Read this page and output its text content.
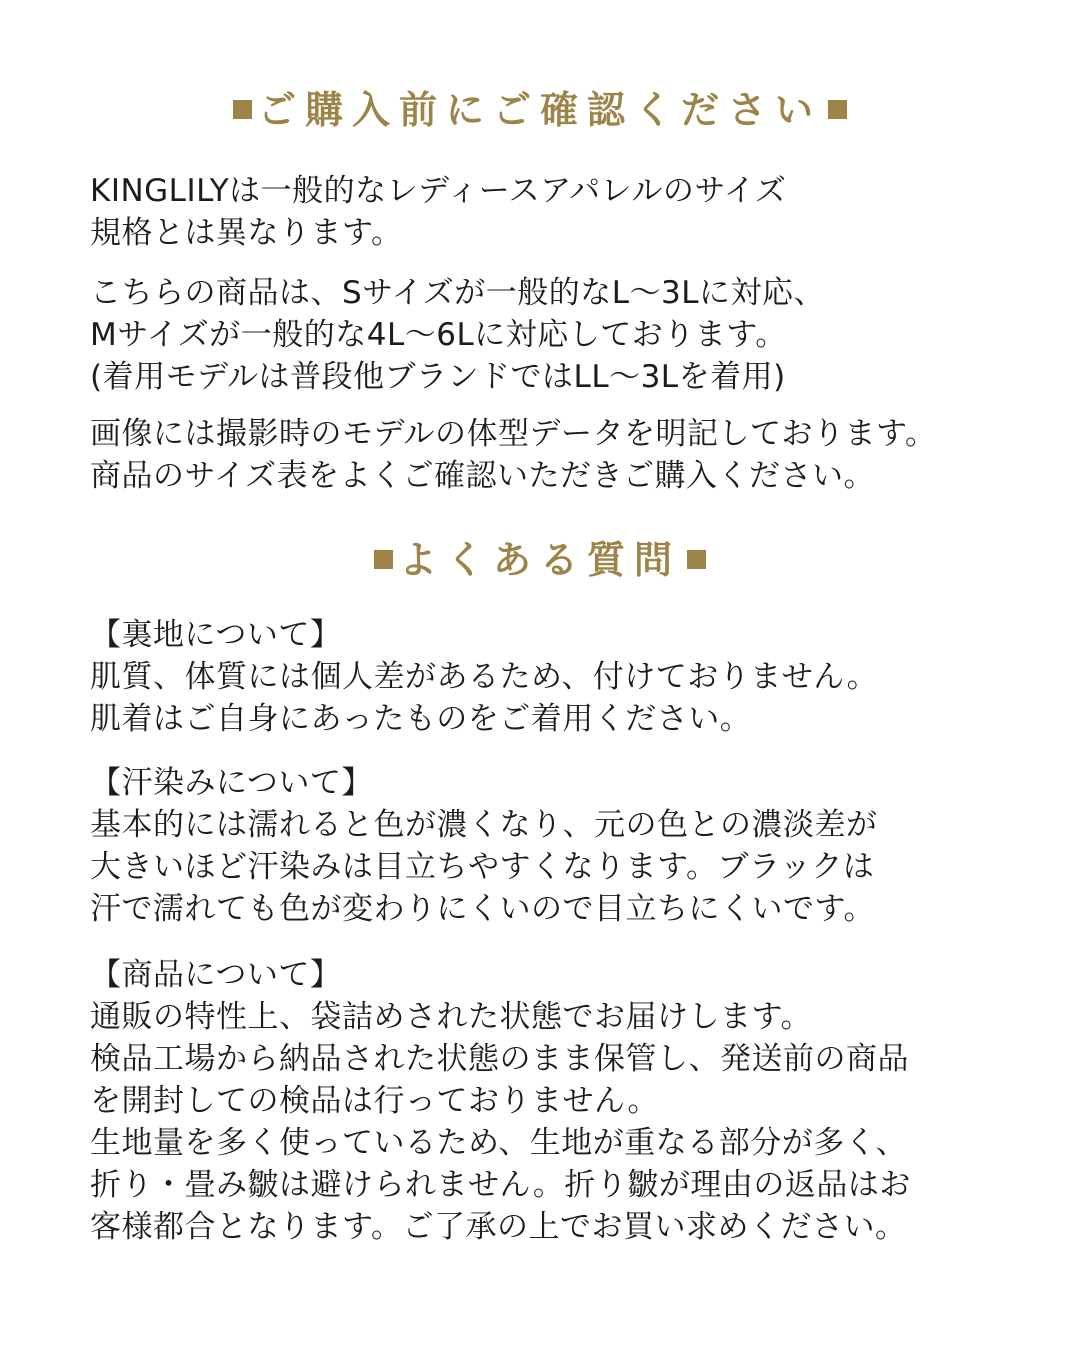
ご購入前にご確認ください
KINGLILYは一般的なレディースアパレルのサイズ
規格とは異なります。
こちらの商品は、Sサイズが一般的なL〜3Lに対応、
Mサイズが一般的な4L〜6Lに対応しております。
(着用モデルは普段他ブランドではLL〜3Lを着用)
画像には撮影時のモデルの体型データを明記しております。
商品のサイズ表をよくご確認いただきご購入ください。
よくある質問
【裏地について】
肌質、体質には個人差があるため、付けておりません。
肌着はご自身にあったものをご着用ください。
【汗染みについて】
基本的には濡れると色が濃くなり、元の色との濃淡差が
大きいほど汗染みは目立ちやすくなります。ブラックは
汗で濡れても色が変わりにくいので目立ちにくいです。
【商品について】
通販の特性上、袋詰めされた状態でお届けします。
検品工場から納品された状態のまま保管し、発送前の商品
を開封しての検品は行っておりません。
生地量を多く使っているため、生地が重なる部分が多く、
折り・畳み皺は避けられません。折り皺が理由の返品はお
客様都合となります。ご了承の上でお買い求めください。
